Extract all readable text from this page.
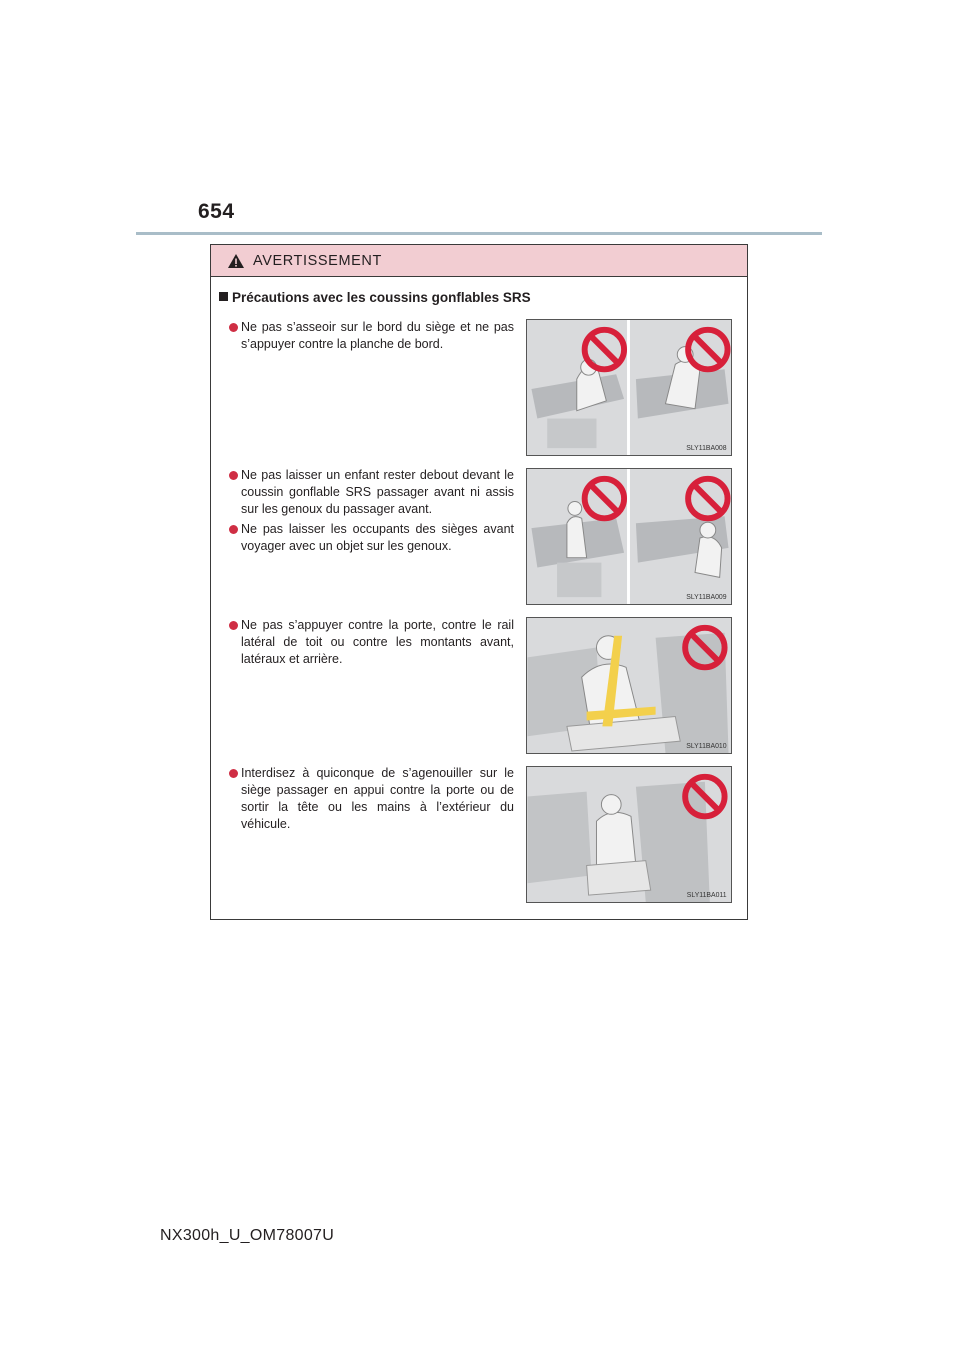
654
AVERTISSEMENT
Précautions avec les coussins gonflables SRS
Ne pas s’asseoir sur le bord du siège et ne pas s’appuyer contre la planche de bord.
Ne pas laisser un enfant rester debout devant le coussin gonflable SRS passager avant ni assis sur les genoux du passager avant.
Ne pas laisser les occupants des sièges avant voyager avec un objet sur les genoux.
Ne pas s’appuyer contre la porte, contre le rail latéral de toit ou contre les montants avant, latéraux et arrière.
Interdisez à quiconque de s’agenouiller sur le siège passager en appui contre la porte ou de sortir la tête ou les mains à l’extérieur du véhicule.
SLY11BA008
SLY11BA009
SLY11BA010
SLY11BA011
NX300h_U_OM78007U
